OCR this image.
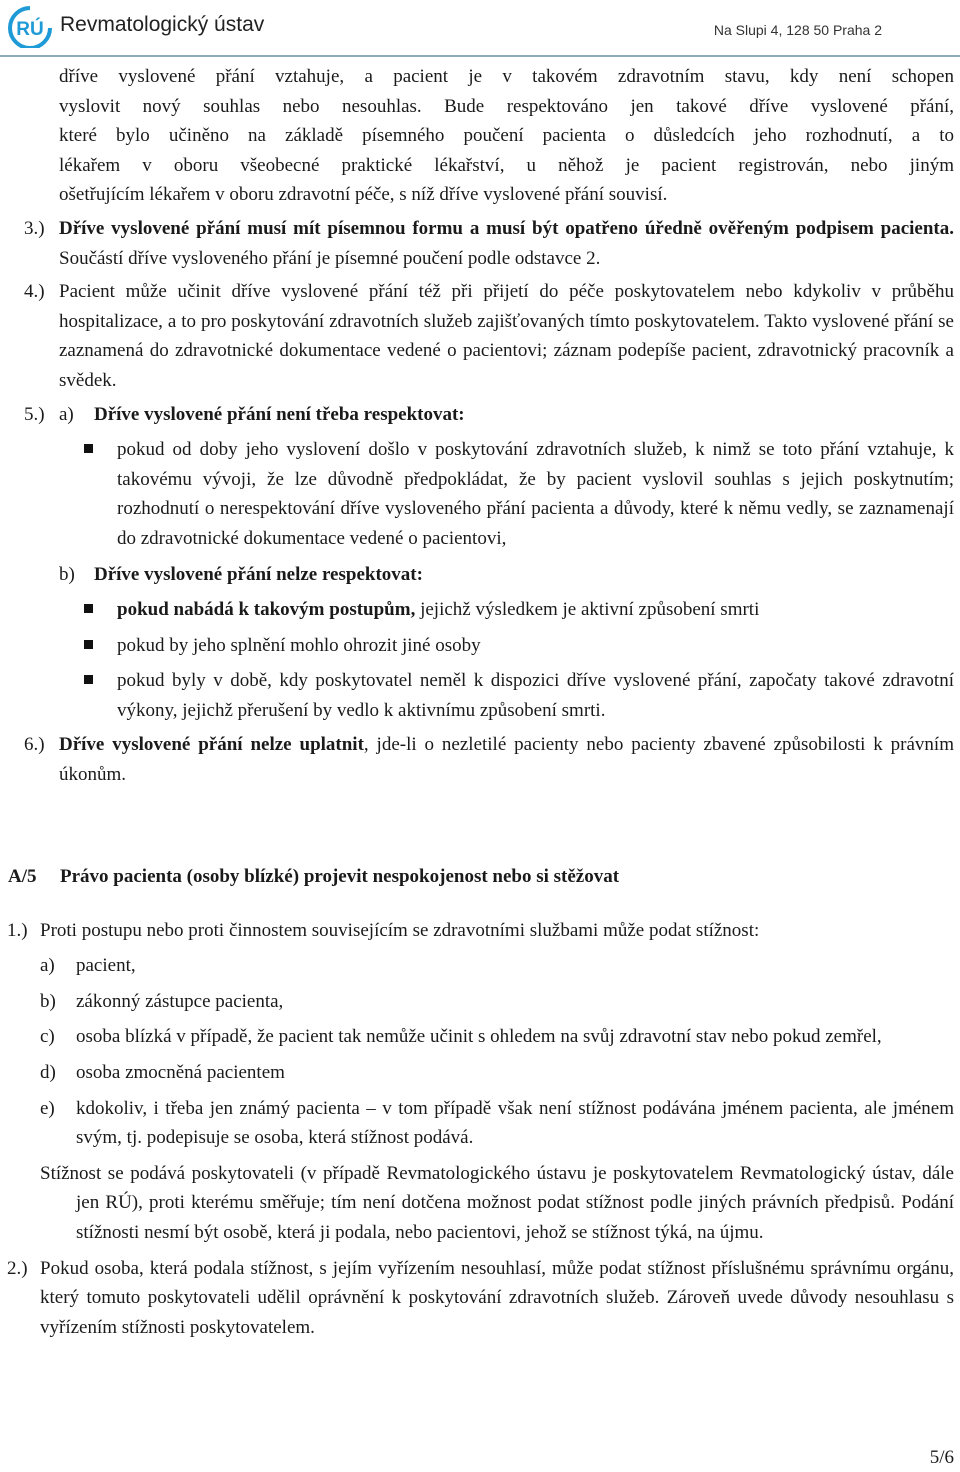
RÚ Revmatologický ústav	Na Slupi 4, 128 50 Praha 2
dříve vyslovené přání vztahuje, a pacient je v takovém zdravotním stavu, kdy není schopen
vyslovit nový souhlas nebo nesouhlas. Bude respektováno jen takové dříve vyslovené přání,
které bylo učiněno na základě písemného poučení pacienta o důsledcích jeho rozhodnutí, a to
lékařem v oboru všeobecné praktické lékařství, u něhož je pacient registrován, nebo jiným
ošetřujícím lékařem v oboru zdravotní péče, s níž dříve vyslovené přání souvisí.
3.) Dříve vyslovené přání musí mít písemnou formu a musí být opatřeno úředně ověřeným podpisem pacienta. Součástí dříve vysloveného přání je písemné poučení podle odstavce 2.
4.) Pacient může učinit dříve vyslovené přání též při přijetí do péče poskytovatelem nebo kdykoliv v průběhu hospitalizace, a to pro poskytování zdravotních služeb zajišťovaných tímto poskytovatelem. Takto vyslovené přání se zaznamená do zdravotnické dokumentace vedené o pacientovi; záznam podepíše pacient, zdravotnický pracovník a svědek.
5.) a) Dříve vyslovené přání není třeba respektovat:
pokud od doby jeho vyslovení došlo v poskytování zdravotních služeb, k nimž se toto přání vztahuje, k takovému vývoji, že lze důvodně předpokládat, že by pacient vyslovil souhlas s jejich poskytnutím; rozhodnutí o nerespektování dříve vysloveného přání pacienta a důvody, které k němu vedly, se zaznamenají do zdravotnické dokumentace vedené o pacientovi,
b) Dříve vyslovené přání nelze respektovat:
pokud nabádá k takovým postupům, jejichž výsledkem je aktivní způsobení smrti
pokud by jeho splnění mohlo ohrozit jiné osoby
pokud byly v době, kdy poskytovatel neměl k dispozici dříve vyslovené přání, započaty takové zdravotní výkony, jejichž přerušení by vedlo k aktivnímu způsobení smrti.
6.) Dříve vyslovené přání nelze uplatnit, jde-li o nezletilé pacienty nebo pacienty zbavené způsobilosti k právním úkonům.
A/5 Právo pacienta (osoby blízké) projevit nespokojenost nebo si stěžovat
1.) Proti postupu nebo proti činnostem souvisejícím se zdravotními službami může podat stížnost:
a) pacient,
b) zákonný zástupce pacienta,
c) osoba blízká v případě, že pacient tak nemůže učinit s ohledem na svůj zdravotní stav nebo pokud zemřel,
d) osoba zmocněná pacientem
e) kdokoliv, i třeba jen známý pacienta – v tom případě však není stížnost podávána jménem pacienta, ale jménem svým, tj. podepisuje se osoba, která stížnost podává.
Stížnost se podává poskytovateli (v případě Revmatologického ústavu je poskytovatelem Revmatologický ústav, dále jen RÚ), proti kterému směřuje; tím není dotčena možnost podat stížnost podle jiných právních předpisů. Podání stížnosti nesmí být osobě, která ji podala, nebo pacientovi, jehož se stížnost týká, na újmu.
2.) Pokud osoba, která podala stížnost, s jejím vyřízením nesouhlasí, může podat stížnost příslušnému správnímu orgánu, který tomuto poskytovateli udělil oprávnění k poskytování zdravotních služeb. Zároveň uvede důvody nesouhlasu s vyřízením stížnosti poskytovatelem.
5/6
